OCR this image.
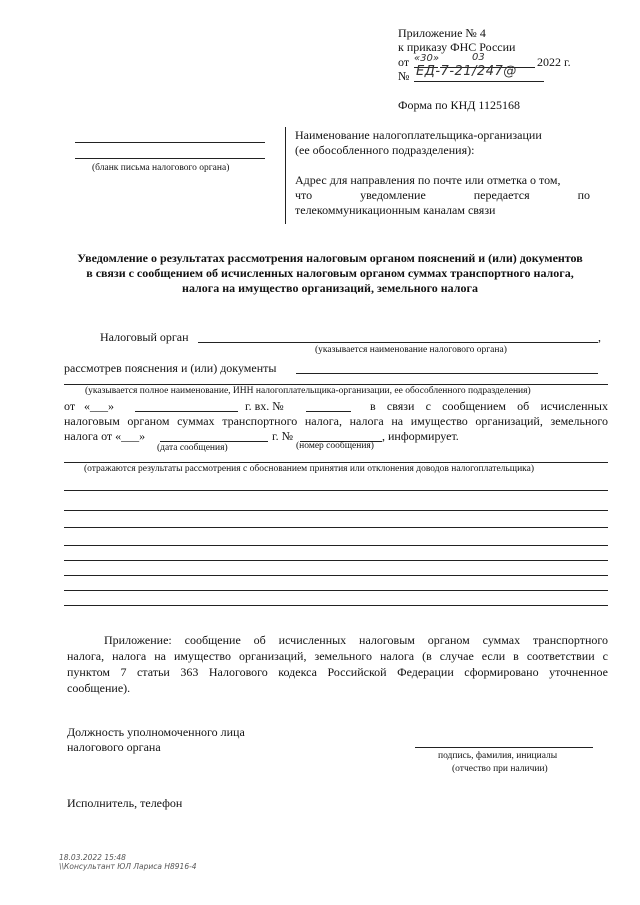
Приложение № 4
к приказу ФНС России
от «30»	03	2022 г.
№ ЕД-7-21/247@
Форма по КНД 1125168
(бланк письма налогового органа)
Наименование налогоплательщика-организации
(ее обособленного подразделения):
Адрес для направления по почте или отметка о том,
что	уведомление	передается	по
телекоммуникационным каналам связи
Уведомление о результатах рассмотрения налоговым органом пояснений и (или) документов
в связи с сообщением об исчисленных налоговым органом суммах транспортного налога,
налога на имущество организаций, земельного налога
Налоговый орган	,
(указывается наименование налогового органа)
рассмотрев пояснения и (или) документы
(указывается полное наименование, ИНН налогоплательщика-организации, ее обособленного подразделения)
от «___»	г. вх. №	в связи с сообщением об исчисленных
налоговым органом суммах транспортного налога, налога на имущество организаций, земельного
налога от «___»	г. №	, информирует.
(дата сообщения)	(номер сообщения)
(отражаются результаты рассмотрения с обоснованием принятия или отклонения доводов налогоплательщика)
Приложение: сообщение об исчисленных налоговым органом суммах транспортного
налога, налога на имущество организаций, земельного налога (в случае если в соответствии с
пунктом 7 статьи 363 Налогового кодекса Российской Федерации сформировано уточненное
сообщение).
Должность уполномоченного лица
налогового органа
подпись, фамилия, инициалы
(отчество при наличии)
Исполнитель, телефон
18.03.2022 15:48
\\Консультант ЮЛ Лариса Н8916-4
